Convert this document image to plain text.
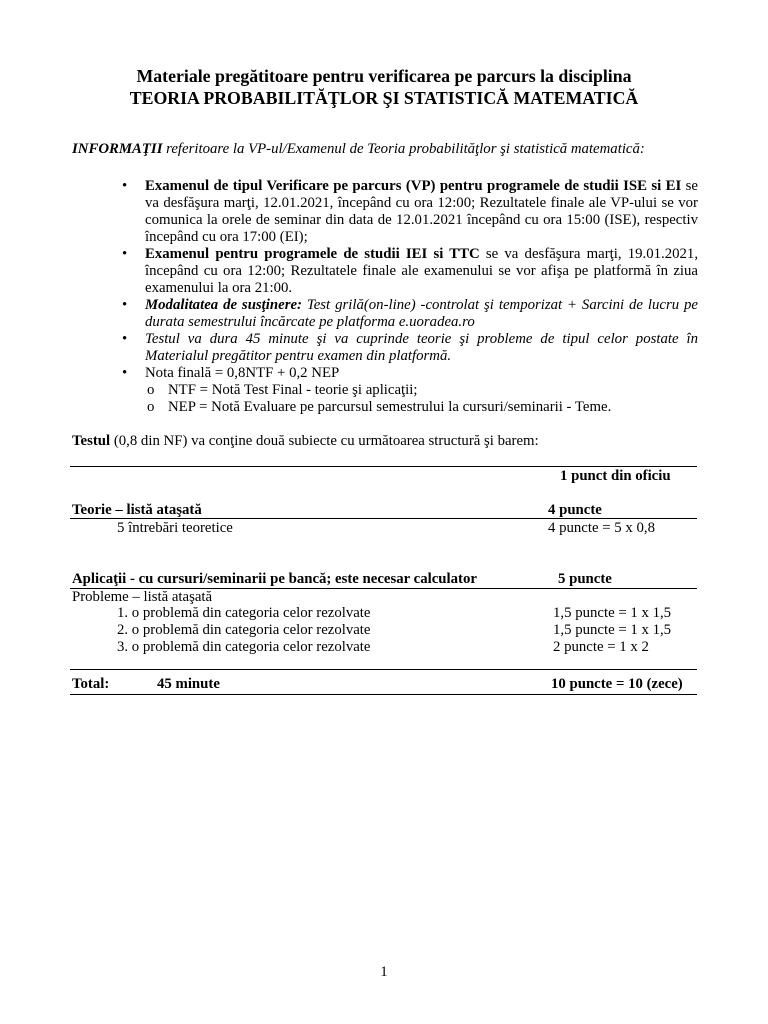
Materiale pregătitoare pentru verificarea pe parcurs la disciplina
TEORIA PROBABILITĂŢLOR ŞI STATISTICĂ MATEMATICĂ
INFORMAŢII referitoare la VP-ul/Examenul de Teoria probabilităţlor şi statistică matematică:
• Examenul de tipul Verificare pe parcurs (VP) pentru programele de studii ISE si EI se va desfăşura marţi, 12.01.2021, începând cu ora 12:00; Rezultatele finale ale VP-ului se vor comunica la orele de seminar din data de 12.01.2021 începând cu ora 15:00 (ISE), respectiv începând cu ora 17:00 (EI);
• Examenul pentru programele de studii IEI si TTC se va desfăşura marţi, 19.01.2021, începând cu ora 12:00; Rezultatele finale ale examenului se vor afişa pe platformă în ziua examenului la ora 21:00.
• Modalitatea de susţinere: Test grilă(on-line) -controlat şi temporizat + Sarcini de lucru pe durata semestrului încărcate pe platforma e.uoradea.ro
• Testul va dura 45 minute şi va cuprinde teorie şi probleme de tipul celor postate în Materialul pregătitor pentru examen din platformă.
• Nota finală = 0,8NTF + 0,2 NEP
o NTF = Notă Test Final - teorie şi aplicaţii;
o NEP = Notă Evaluare pe parcursul semestrului la cursuri/seminarii - Teme.
Testul (0,8 din NF) va conţine două subiecte cu următoarea structură şi barem:
1 punct din oficiu
Teorie – listă ataşată	4 puncte
5 întrebări teoretice	4 puncte = 5 x 0,8
Aplicaţii - cu cursuri/seminarii pe bancă; este necesar calculator	5 puncte
Probleme – listă ataşată
1. o problemă din categoria celor rezolvate	1,5 puncte = 1 x 1,5
2. o problemă din categoria celor rezolvate	1,5 puncte = 1 x 1,5
3. o problemă din categoria celor rezolvate	2 puncte = 1 x 2
Total:	45 minute	10 puncte = 10 (zece)
1
